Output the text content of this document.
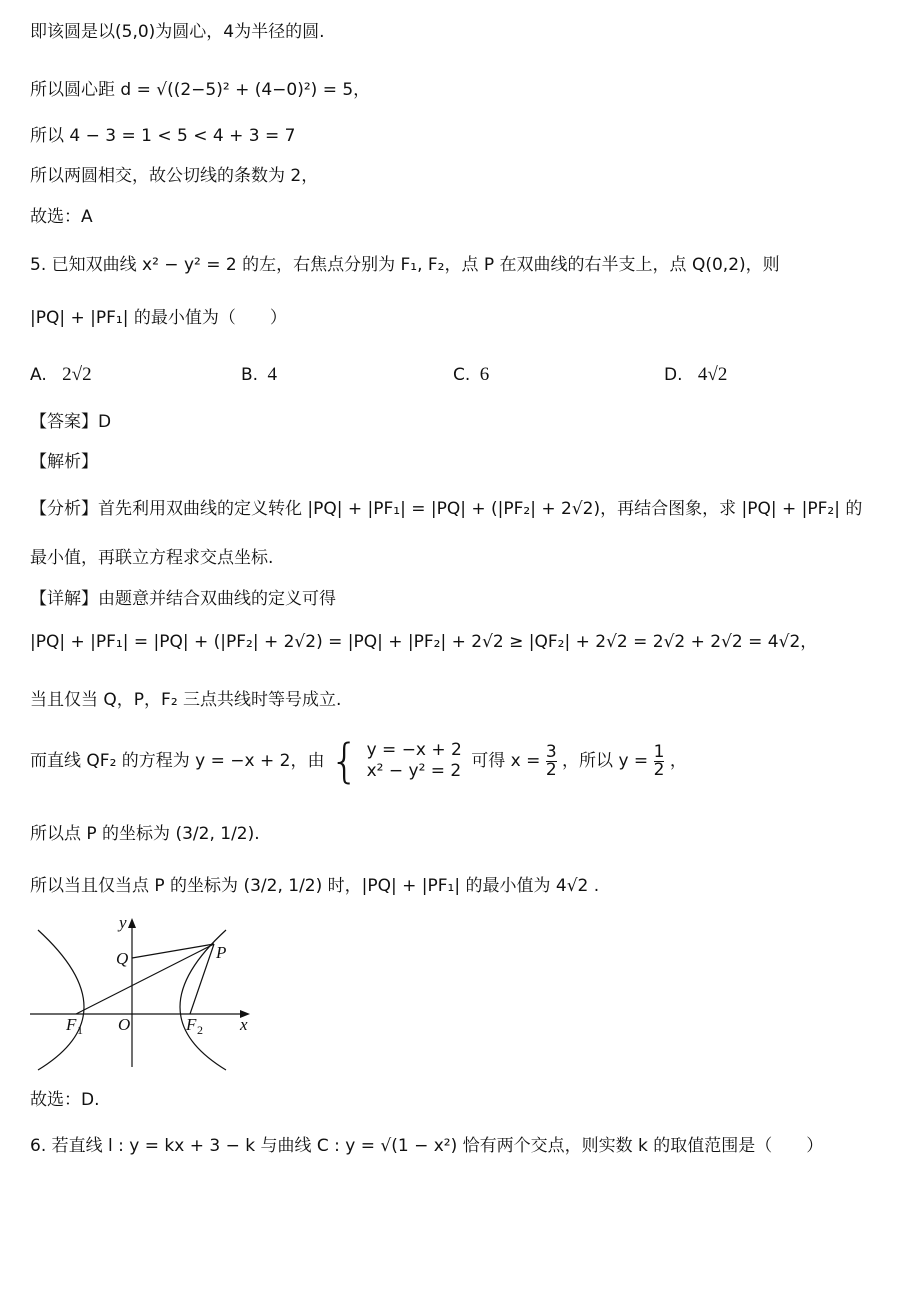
即该圆是以(5,0)为圆心，4为半径的圆.
所以圆心距 d = √((2−5)² + (4−0)²) = 5，
所以 4 − 3 = 1 < 5 < 4 + 3 = 7
所以两圆相交，故公切线的条数为 2，
故选：A
5. 已知双曲线 x² − y² = 2 的左，右焦点分别为 F₁, F₂，点 P 在双曲线的右半支上，点 Q(0,2)，则
|PQ| + |PF₁| 的最小值为（　　）
A. 2√2	B. 4	C. 6	D. 4√2
【答案】D
【解析】
【分析】首先利用双曲线的定义转化 |PQ| + |PF₁| = |PQ| + (|PF₂| + 2√2)，再结合图象，求 |PQ| + |PF₂| 的
最小值，再联立方程求交点坐标.
【详解】由题意并结合双曲线的定义可得
|PQ| + |PF₁| = |PQ| + (|PF₂| + 2√2) = |PQ| + |PF₂| + 2√2 ≥ |QF₂| + 2√2 = 2√2 + 2√2 = 4√2，
当且仅当 Q，P，F₂ 三点共线时等号成立.
而直线 QF₂ 的方程为 y = −x + 2，由 { y = −x + 2
x² − y² = 2
可得 $x = \frac{3}{2}$ ，所以 $y = \frac{1}{2}$ ，
所以点 P 的坐标为 (3/2, 1/2).
所以当且仅当点 P 的坐标为 (3/2, 1/2) 时，|PQ| + |PF₁| 的最小值为 4√2 .
y
x
O
Q	P
F 1	F 2
故选：D.
6. 若直线 l : y = kx + 3 − k 与曲线 C : y = √(1 − x²) 恰有两个交点，则实数 k 的取值范围是（　　）
